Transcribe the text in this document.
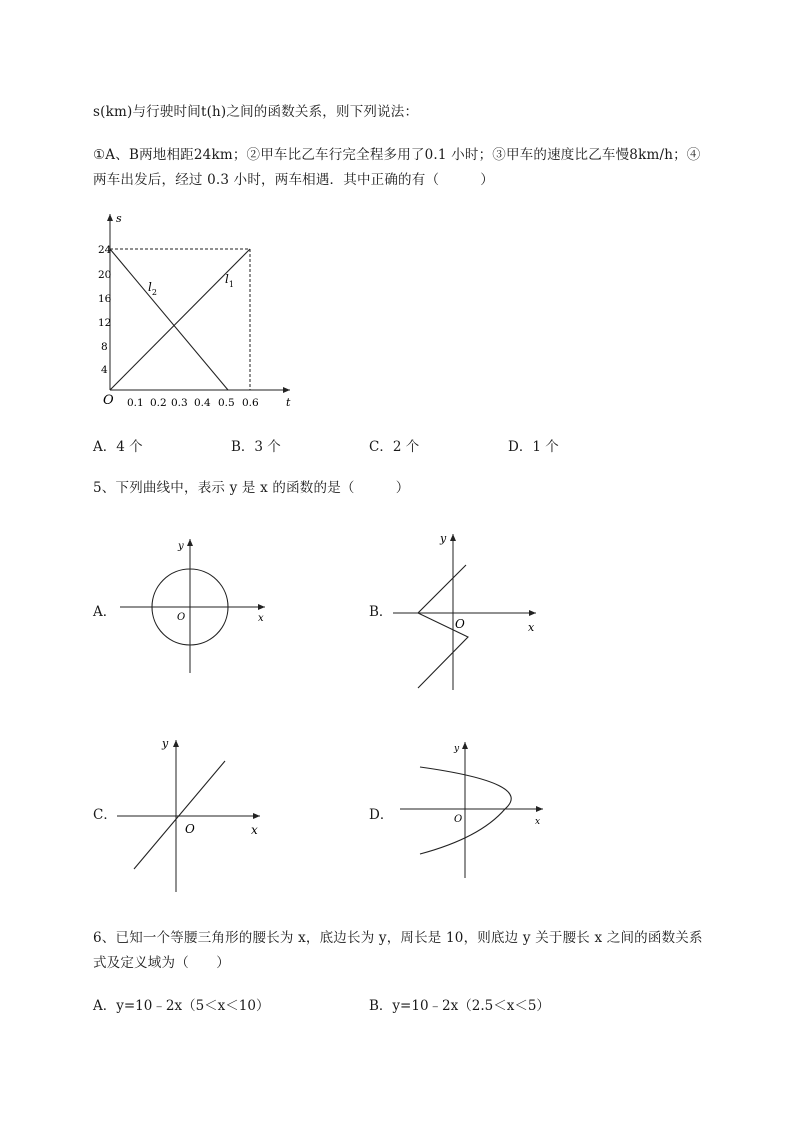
s(km)与行驶时间t(h)之间的函数关系，则下列说法：
①A、B两地相距24km；②甲车比乙车行完全程多用了0.1 小时；③甲车的速度比乙车慢8km/h；④
两车出发后，经过 0.3 小时，两车相遇．其中正确的有（　　　）
s
t
O
24
20
16
12
8
4
0.1 0.2 0.3 0.4 0.5 0.6
$l_1$
$l_2$
A．4 个	B．3 个	C．2 个	D．1 个
5、下列曲线中，表示 y 是 x 的函数的是（　　　）
A．
y
x
O	B．
y
x
O
C．
y
x
O
D．
y
x
O
6、已知一个等腰三角形的腰长为 x，底边长为 y，周长是 10，则底边 y 关于腰长 x 之间的函数关系
式及定义域为（　　）
A．y=10﹣2x（5＜x＜10）	B．y=10﹣2x（2.5＜x＜5）
